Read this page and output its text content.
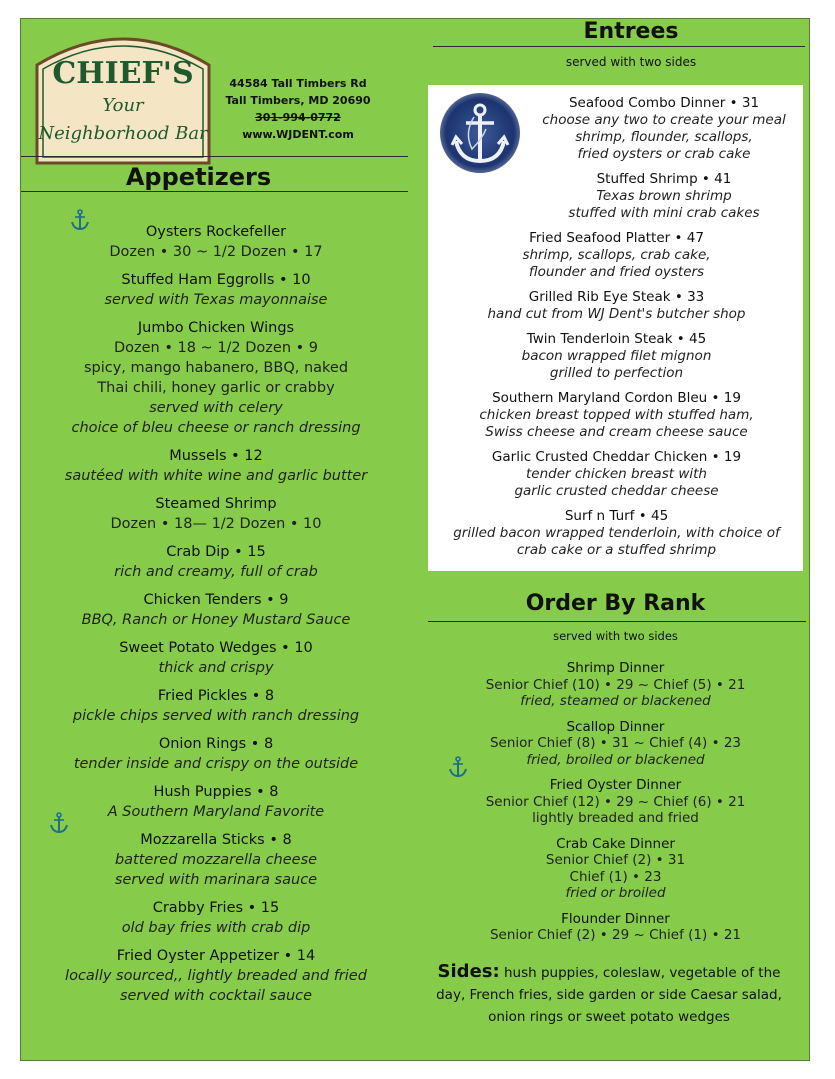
CHIEF'S
Your
Neighborhood Bar
44584 Tall Timbers Rd
Tall Timbers, MD 20690
301-994-0772
www.WJDENT.com
Appetizers
Oysters Rockefeller
Dozen • 30 ~ 1/2 Dozen • 17
Stuffed Ham Eggrolls • 10
served with Texas mayonnaise
Jumbo Chicken Wings
Dozen • 18 ~ 1/2 Dozen • 9
spicy, mango habanero, BBQ, naked
Thai chili, honey garlic or crabby
served with celery
choice of bleu cheese or ranch dressing
Mussels • 12
sautéed with white wine and garlic butter
Steamed Shrimp
Dozen • 18— 1/2 Dozen • 10
Crab Dip • 15
rich and creamy, full of crab
Chicken Tenders • 9
BBQ, Ranch or Honey Mustard Sauce
Sweet Potato Wedges • 10
thick and crispy
Fried Pickles • 8
pickle chips served with ranch dressing
Onion Rings • 8
tender inside and crispy on the outside
Hush Puppies • 8
A Southern Maryland Favorite
Mozzarella Sticks • 8
battered mozzarella cheese
served with marinara sauce
Crabby Fries • 15
old bay fries with crab dip
Fried Oyster Appetizer • 14
locally sourced,, lightly breaded and fried
served with cocktail sauce
Entrees
served with two sides
Seafood Combo Dinner • 31
choose any two to create your meal
shrimp, flounder, scallops,
fried oysters or crab cake
Stuffed Shrimp • 41
Texas brown shrimp
stuffed with mini crab cakes
Fried Seafood Platter • 47
shrimp, scallops, crab cake,
flounder and fried oysters
Grilled Rib Eye Steak • 33
hand cut from WJ Dent's butcher shop
Twin Tenderloin Steak • 45
bacon wrapped filet mignon
grilled to perfection
Southern Maryland Cordon Bleu • 19
chicken breast topped with stuffed ham,
Swiss cheese and cream cheese sauce
Garlic Crusted Cheddar Chicken • 19
tender chicken breast with
garlic crusted cheddar cheese
Surf n Turf • 45
grilled bacon wrapped tenderloin, with choice of
crab cake or a stuffed shrimp
Order By Rank
served with two sides
Shrimp Dinner
Senior Chief (10) • 29 ~ Chief (5) • 21
fried, steamed or blackened
Scallop Dinner
Senior Chief (8) • 31 ~ Chief (4) • 23
fried, broiled or blackened
Fried Oyster Dinner
Senior Chief (12) • 29 ~ Chief (6) • 21
lightly breaded and fried
Crab Cake Dinner
Senior Chief (2) • 31
Chief (1) • 23
fried or broiled
Flounder Dinner
Senior Chief (2) • 29 ~ Chief (1) • 21
Sides: hush puppies, coleslaw, vegetable of the day, French fries, side garden or side Caesar salad, onion rings or sweet potato wedges
